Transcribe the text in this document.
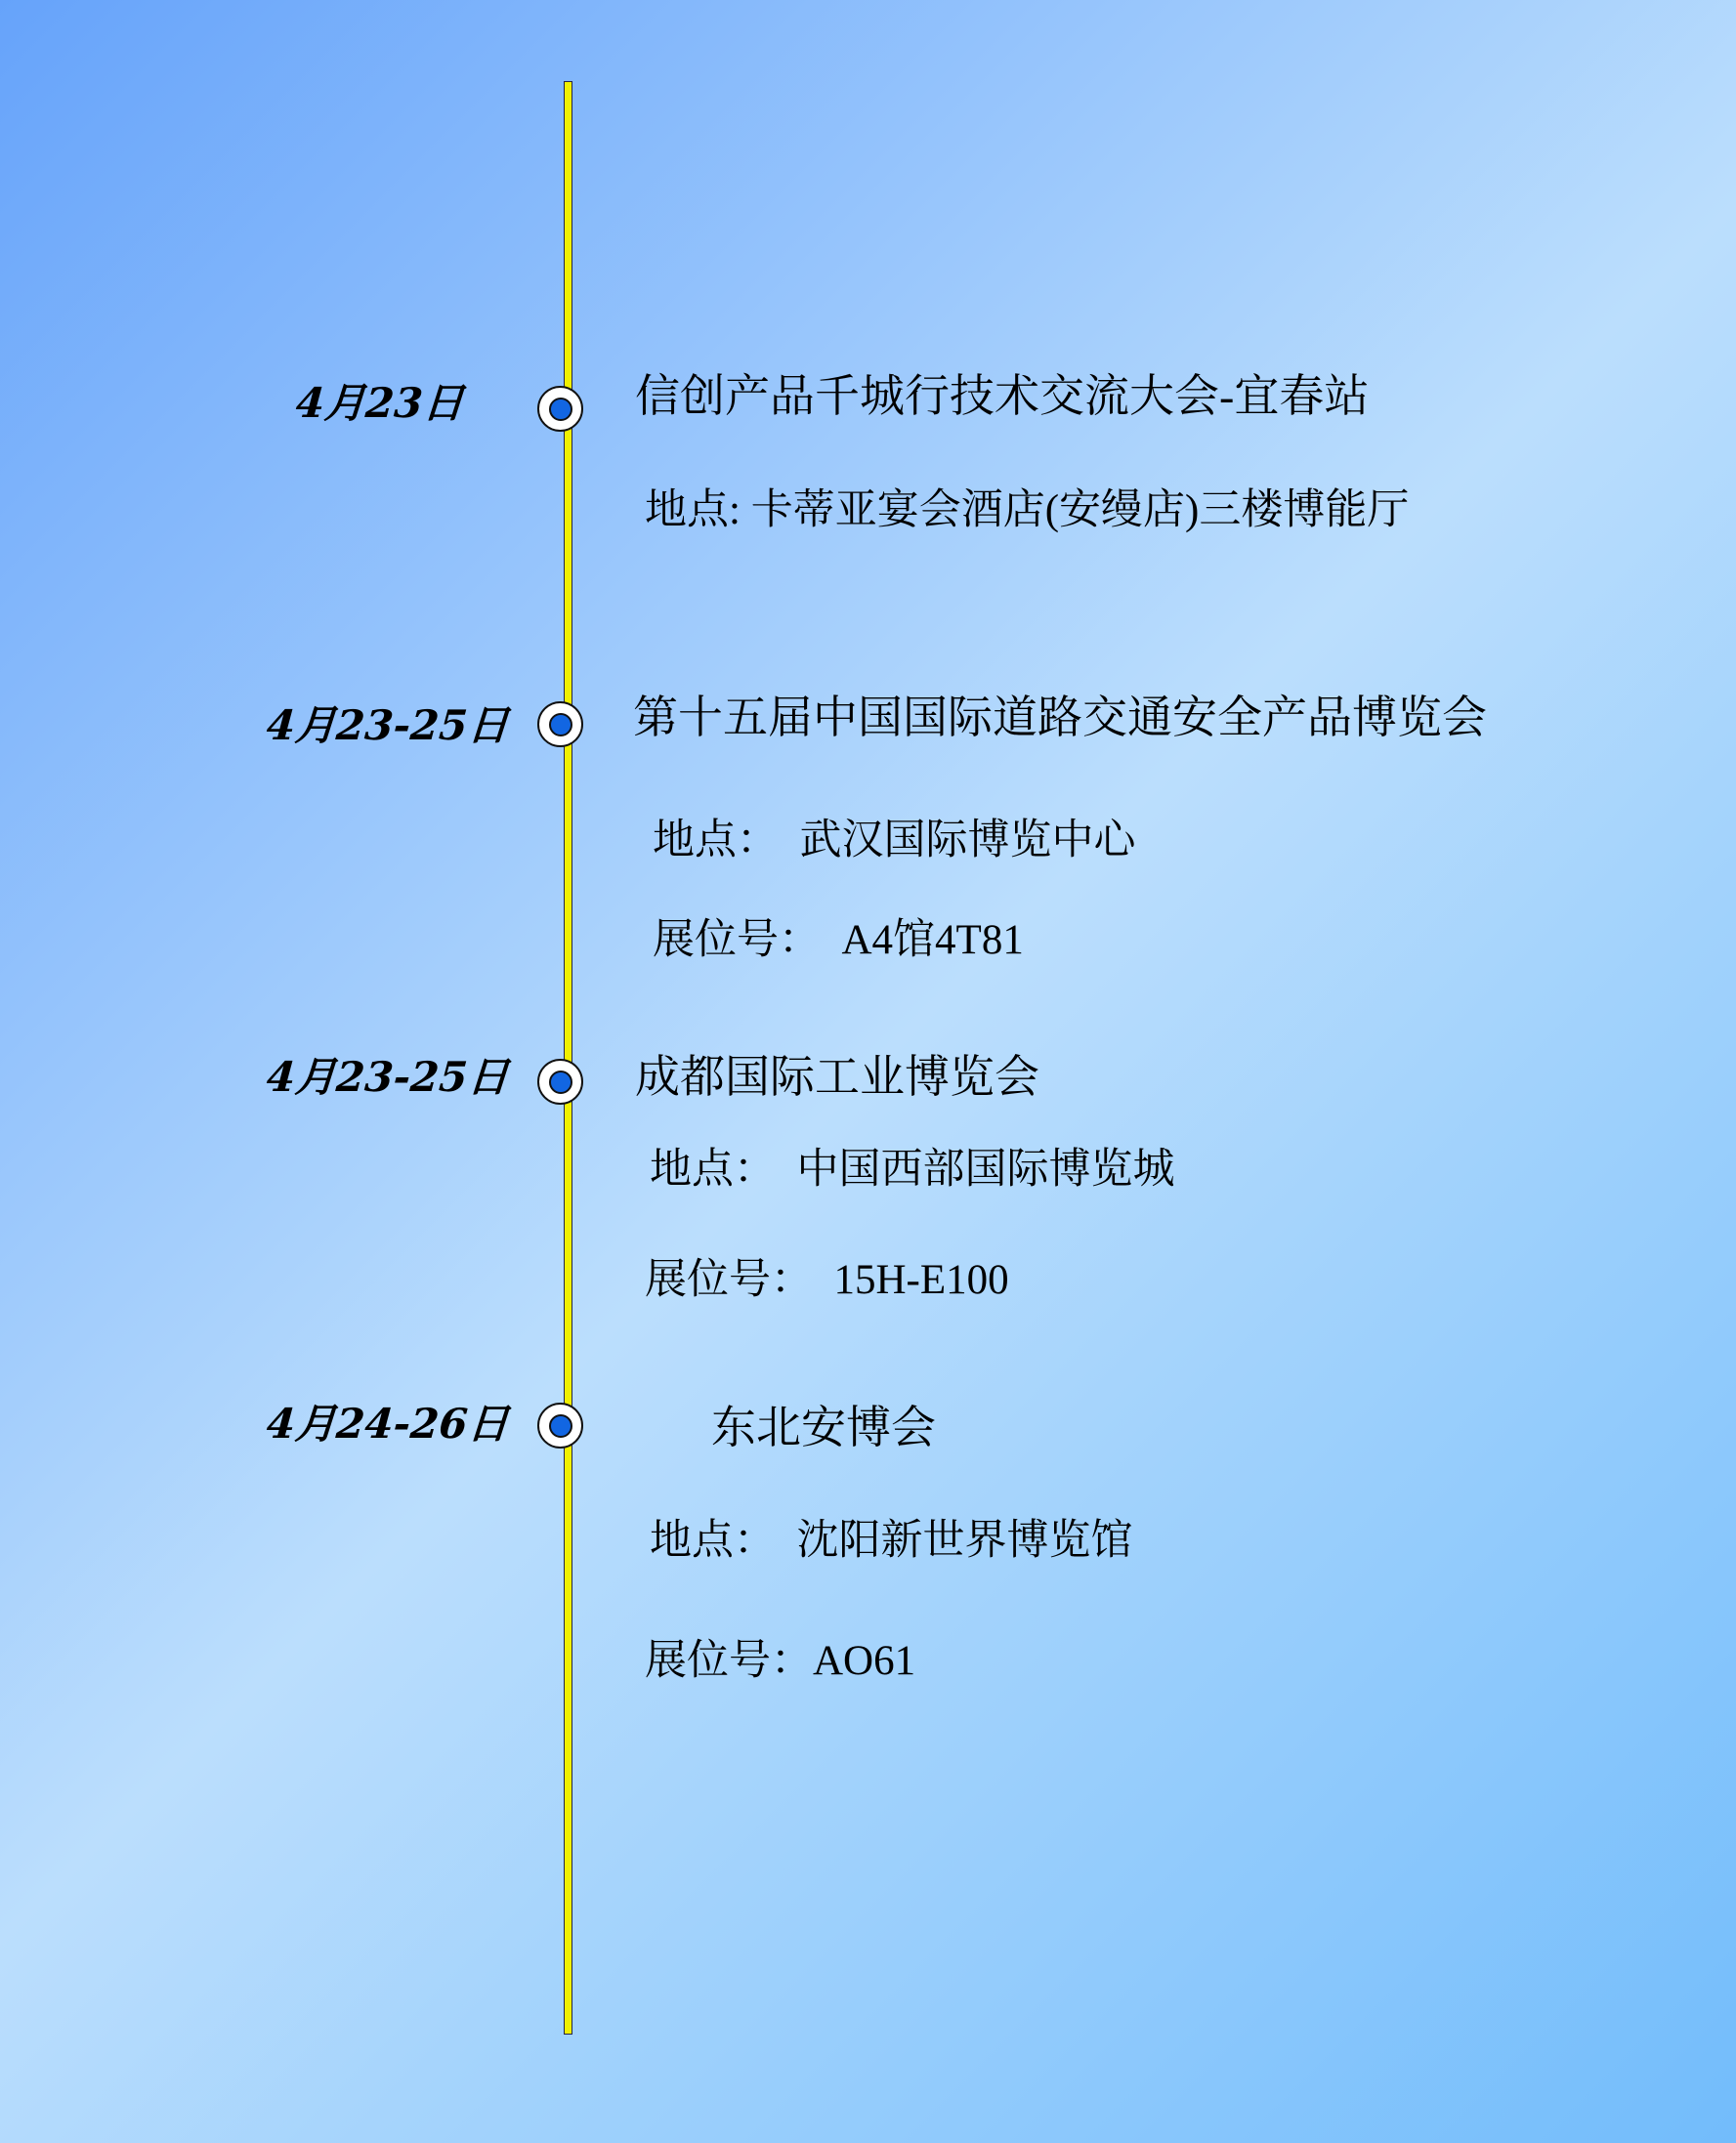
4月23日	信创产品千城行技术交流大会-宜春站
地点: 卡蒂亚宴会酒店(安缦店)三楼博能厅
4月23-25日	第十五届中国国际道路交通安全产品博览会
地点：  武汉国际博览中心
展位号：  A4馆4T81
4月23-25日	成都国际工业博览会
地点：  中国西部国际博览城
展位号：  15H-E100
4月24-26日	东北安博会
地点：  沈阳新世界博览馆
展位号：AO61
